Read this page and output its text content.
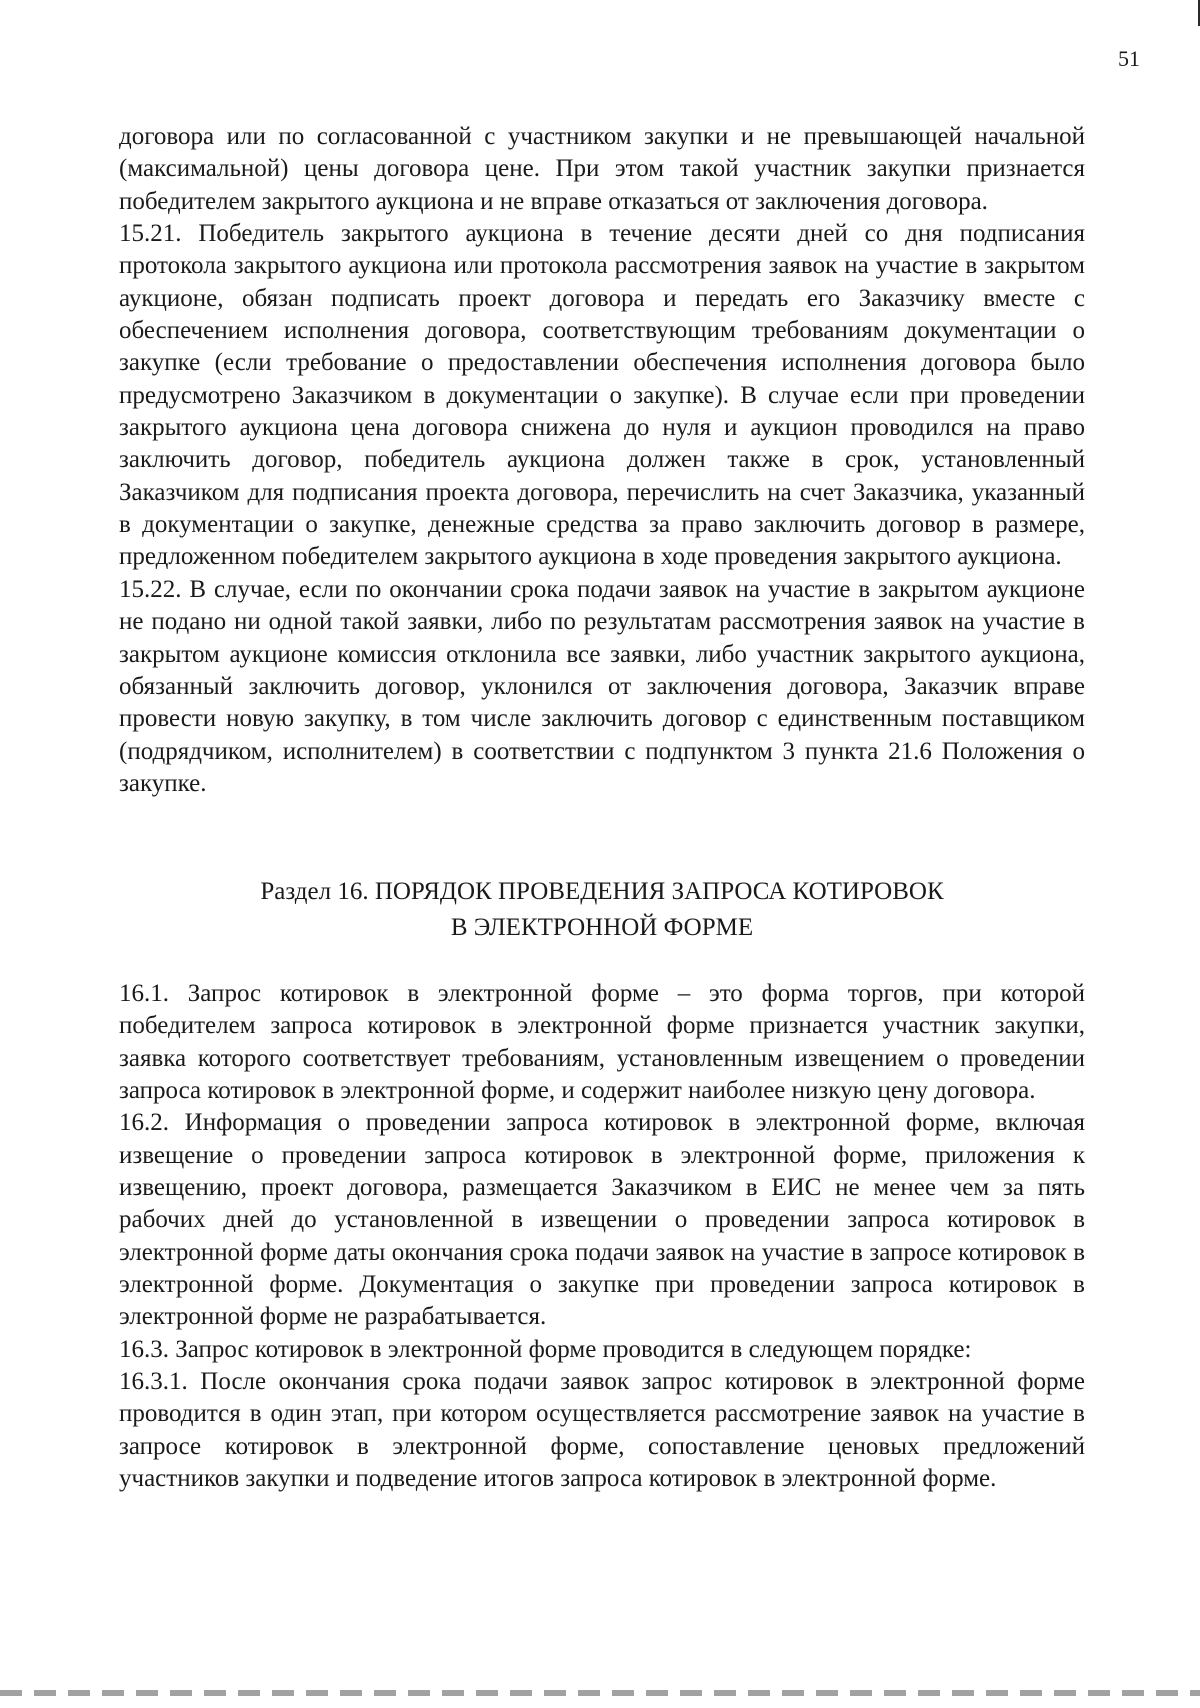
51

договора или по согласованной с участником закупки и не превышающей начальной (максимальной) цены договора цене. При этом такой участник закупки признается победителем закрытого аукциона и не вправе отказаться от заключения договора.

15.21. Победитель закрытого аукциона в течение десяти дней со дня подписания протокола закрытого аукциона или протокола рассмотрения заявок на участие в закрытом аукционе, обязан подписать проект договора и передать его Заказчику вместе с обеспечением исполнения договора, соответствующим требованиям документации о закупке (если требование о предоставлении обеспечения исполнения договора было предусмотрено Заказчиком в документации о закупке). В случае если при проведении закрытого аукциона цена договора снижена до нуля и аукцион проводился на право заключить договор, победитель аукциона должен также в срок, установленный Заказчиком для подписания проекта договора, перечислить на счет Заказчика, указанный в документации о закупке, денежные средства за право заключить договор в размере, предложенном победителем закрытого аукциона в ходе проведения закрытого аукциона.

15.22. В случае, если по окончании срока подачи заявок на участие в закрытом аукционе не подано ни одной такой заявки, либо по результатам рассмотрения заявок на участие в закрытом аукционе комиссия отклонила все заявки, либо участник закрытого аукциона, обязанный заключить договор, уклонился от заключения договора, Заказчик вправе провести новую закупку, в том числе заключить договор с единственным поставщиком (подрядчиком, исполнителем) в соответствии с подпунктом 3 пункта 21.6 Положения о закупке.

Раздел 16. ПОРЯДОК ПРОВЕДЕНИЯ ЗАПРОСА КОТИРОВОК
В ЭЛЕКТРОННОЙ ФОРМЕ

16.1. Запрос котировок в электронной форме – это форма торгов, при которой победителем запроса котировок в электронной форме признается участник закупки, заявка которого соответствует требованиям, установленным извещением о проведении запроса котировок в электронной форме, и содержит наиболее низкую цену договора.

16.2. Информация о проведении запроса котировок в электронной форме, включая извещение о проведении запроса котировок в электронной форме, приложения к извещению, проект договора, размещается Заказчиком в ЕИС не менее чем за пять рабочих дней до установленной в извещении о проведении запроса котировок в электронной форме даты окончания срока подачи заявок на участие в запросе котировок в электронной форме. Документация о закупке при проведении запроса котировок в электронной форме не разрабатывается.

16.3. Запрос котировок в электронной форме проводится в следующем порядке:

16.3.1. После окончания срока подачи заявок запрос котировок в электронной форме проводится в один этап, при котором осуществляется рассмотрение заявок на участие в запросе котировок в электронной форме, сопоставление ценовых предложений участников закупки и подведение итогов запроса котировок в электронной форме.
